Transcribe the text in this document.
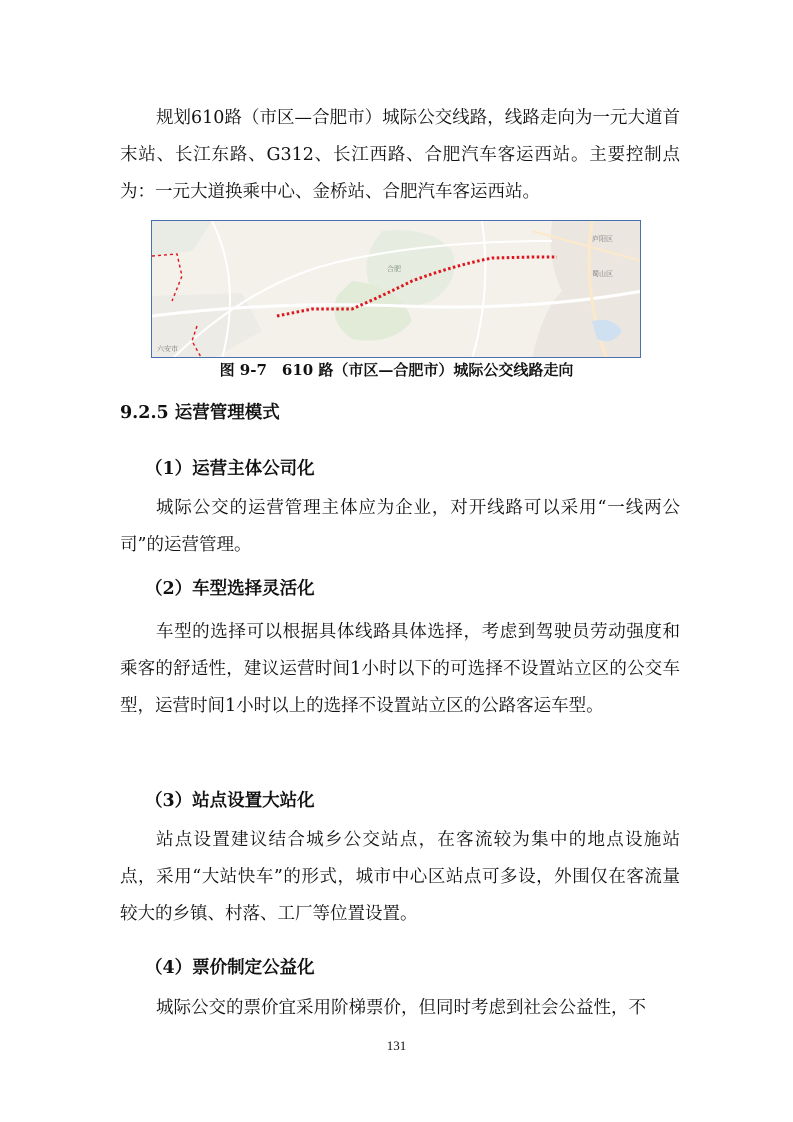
规划610路（市区—合肥市）城际公交线路，线路走向为一元大道首末站、长江东路、G312、长江西路、合肥汽车客运西站。主要控制点为：一元大道换乘中心、金桥站、合肥汽车客运西站。

合肥
蜀山区
六安市
庐阳区
图 9-7　610 路（市区—合肥市）城际公交线路走向
9.2.5 运营管理模式
（1）运营主体公司化

城际公交的运营管理主体应为企业，对开线路可以采用“一线两公司”的运营管理。

（2）车型选择灵活化

车型的选择可以根据具体线路具体选择，考虑到驾驶员劳动强度和乘客的舒适性，建议运营时间1小时以下的可选择不设置站立区的公交车型，运营时间1小时以上的选择不设置站立区的公路客运车型。

（3）站点设置大站化

站点设置建议结合城乡公交站点，在客流较为集中的地点设施站点，采用“大站快车”的形式，城市中心区站点可多设，外围仅在客流量较大的乡镇、村落、工厂等位置设置。

（4）票价制定公益化

城际公交的票价宜采用阶梯票价，但同时考虑到社会公益性，不

131
